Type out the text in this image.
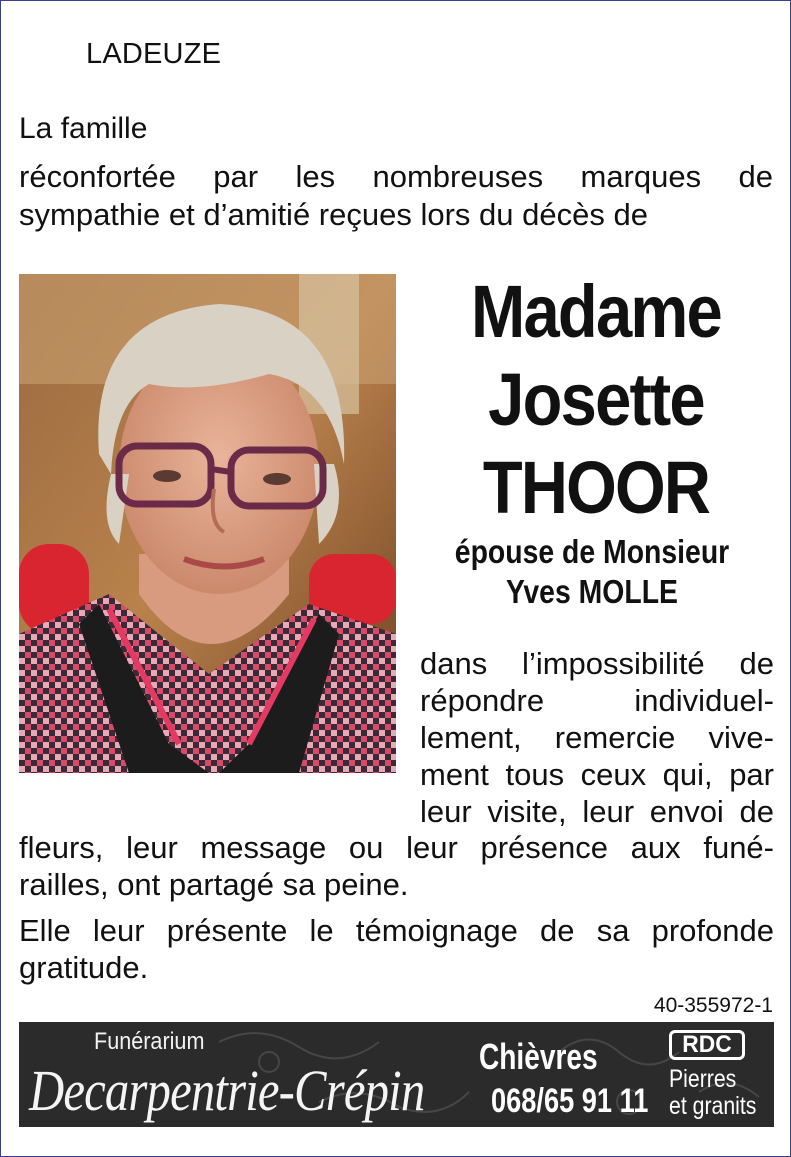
LADEUZE
La famille
réconfortée par les nombreuses marques de
sympathie et d’amitié reçues lors du décès de
Madame
Josette
THOOR
épouse de Monsieur
Yves MOLLE
dans l’impossibilité de
répondre individuel-
lement, remercie vive-
ment tous ceux qui, par
leur visite, leur envoi de
fleurs, leur message ou leur présence aux funé-
railles, ont partagé sa peine.
Elle leur présente le témoignage de sa profonde
gratitude.
40-355972-1
Funérarium
Decarpentrie-Crépin
Chièvres
068/65 91 11
RDC
Pierres
et granits
